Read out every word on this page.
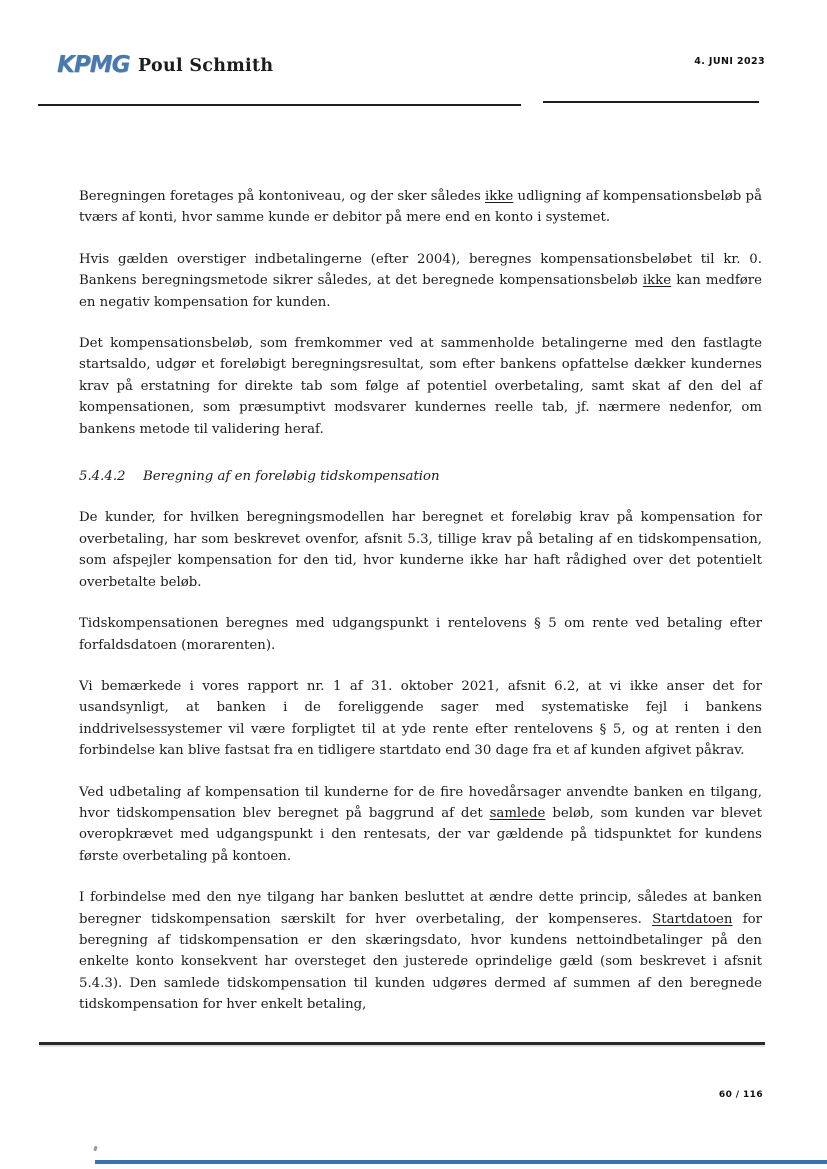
KPMG Poul Schmith	4. JUNI 2023

Beregningen foretages på kontoniveau, og der sker således ikke udligning af kompensationsbeløb på tværs af konti, hvor samme kunde er debitor på mere end en konto i systemet.

Hvis gælden overstiger indbetalingerne (efter 2004), beregnes kompensationsbeløbet til kr. 0. Bankens beregningsmetode sikrer således, at det beregnede kompensationsbeløb ikke kan medføre en negativ kompensation for kunden.

Det kompensationsbeløb, som fremkommer ved at sammenholde betalingerne med den fastlagte startsaldo, udgør et foreløbigt beregningsresultat, som efter bankens opfattelse dækker kundernes krav på erstatning for direkte tab som følge af potentiel overbetaling, samt skat af den del af kompensationen, som præsumptivt modsvarer kundernes reelle tab, jf. nærmere nedenfor, om bankens metode til validering heraf.

5.4.4.2 Beregning af en foreløbig tidskompensation

De kunder, for hvilken beregningsmodellen har beregnet et foreløbig krav på kompensation for overbetaling, har som beskrevet ovenfor, afsnit 5.3, tillige krav på betaling af en tidskompensation, som afspejler kompensation for den tid, hvor kunderne ikke har haft rådighed over det potentielt overbetalte beløb.

Tidskompensationen beregnes med udgangspunkt i rentelovens § 5 om rente ved betaling efter forfaldsdatoen (morarenten).

Vi bemærkede i vores rapport nr. 1 af 31. oktober 2021, afsnit 6.2, at vi ikke anser det for usandsynligt, at banken i de foreliggende sager med systematiske fejl i bankens inddrivelsessystemer vil være forpligtet til at yde rente efter rentelovens § 5, og at renten i den forbindelse kan blive fastsat fra en tidligere startdato end 30 dage fra et af kunden afgivet påkrav.

Ved udbetaling af kompensation til kunderne for de fire hovedårsager anvendte banken en tilgang, hvor tidskompensation blev beregnet på baggrund af det samlede beløb, som kunden var blevet overopkrævet med udgangspunkt i den rentesats, der var gældende på tidspunktet for kundens første overbetaling på kontoen.

I forbindelse med den nye tilgang har banken besluttet at ændre dette princip, således at banken beregner tidskompensation særskilt for hver overbetaling, der kompenseres. Startdatoen for beregning af tidskompensation er den skæringsdato, hvor kundens nettoindbetalinger på den enkelte konto konsekvent har oversteget den justerede oprindelige gæld (som beskrevet i afsnit 5.4.3). Den samlede tidskompensation til kunden udgøres dermed af summen af den beregnede tidskompensation for hver enkelt betaling,

60 / 116
